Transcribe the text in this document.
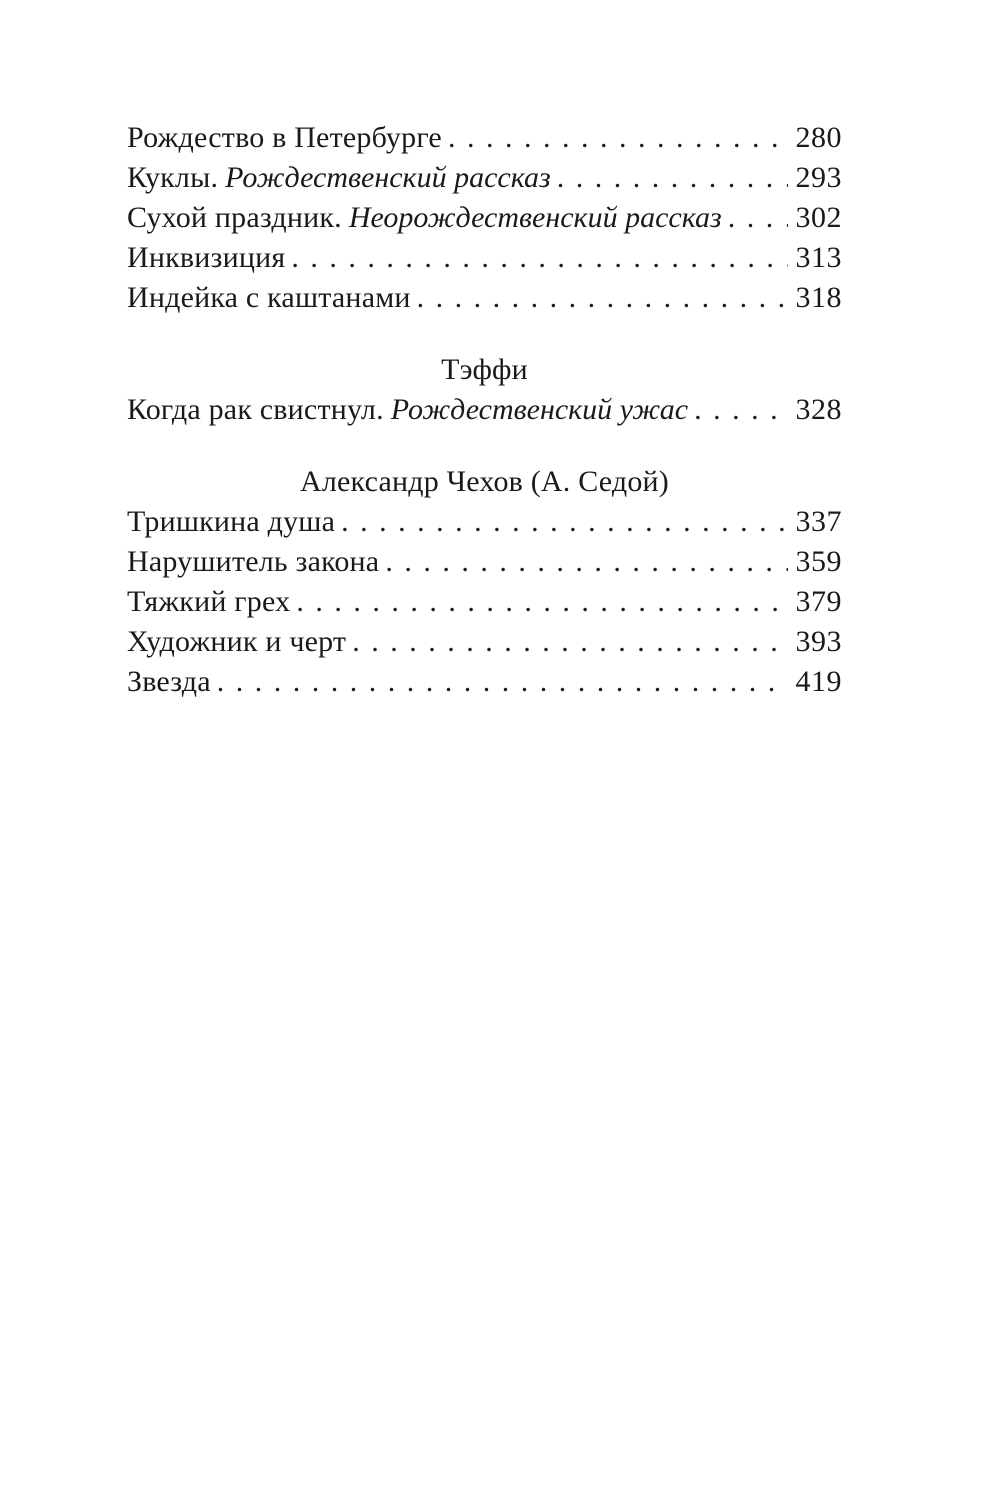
Рождество в Петербурге . . .	280
Куклы. Рождественский рассказ . . .	293
Сухой праздник. Неорождественский рассказ . . . 302
Инквизиция . . .	313
Индейка с каштанами . . .	318
Тэффи
Когда рак свистнул. Рождественский ужас . . .	328
Александр Чехов (А. Седой)
Тришкина душа . . .	337
Нарушитель закона . . .	359
Тяжкий грех . . .	379
Художник и черт . . .	393
Звезда . . .	419
